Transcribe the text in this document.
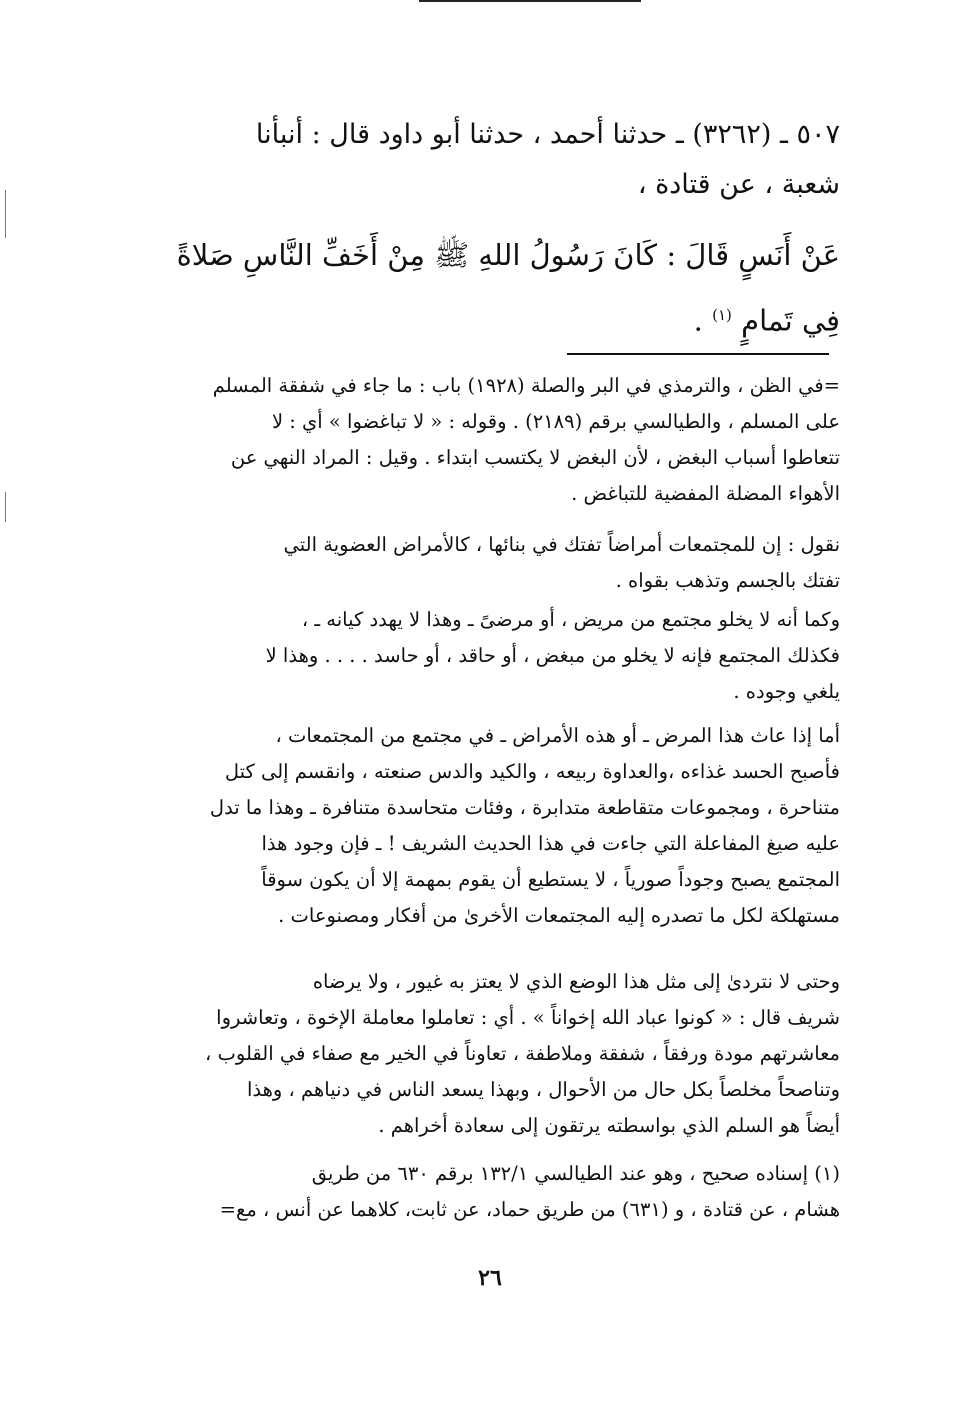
٥٠٧ ـ (٣٢٦٢) ـ حدثنا أحمد ، حدثنا أبو داود قال : أنبأنا
شعبة ، عن قتادة ،
عَنْ أَنَسٍ قَالَ : كَانَ رَسُولُ اللهِ ﷺ مِنْ أَخَفِّ النَّاسِ صَلاةً
فِي تَمامٍ $^{(١)}$ .
=في الظن ، والترمذي في البر والصلة (١٩٢٨) باب : ما جاء في شفقة المسلم
على المسلم ، والطيالسي برقم (٢١٨٩) . وقوله : « لا تباغضوا » أي : لا
تتعاطوا أسباب البغض ، لأن البغض لا يكتسب ابتداء . وقيل : المراد النهي عن
الأهواء المضلة المفضية للتباغض .
نقول : إن للمجتمعات أمراضاً تفتك في بنائها ، كالأمراض العضوية التي
تفتك بالجسم وتذهب بقواه .
وكما أنه لا يخلو مجتمع من مريض ، أو مرضىً ـ وهذا لا يهدد كيانه ـ ،
فكذلك المجتمع فإنه لا يخلو من مبغض ، أو حاقد ، أو حاسد . . . . وهذا لا
يلغي وجوده .
أما إذا عاث هذا المرض ـ أو هذه الأمراض ـ في مجتمع من المجتمعات ،
فأصبح الحسد غذاءه ،والعداوة ربيعه ، والكيد والدس صنعته ، وانقسم إلى كتل
متناحرة ، ومجموعات متقاطعة متدابرة ، وفئات متحاسدة متنافرة ـ وهذا ما تدل
عليه صيغ المفاعلة التي جاءت في هذا الحديث الشريف ! ـ فإن وجود هذا
المجتمع يصبح وجوداً صورياً ، لا يستطيع أن يقوم بمهمة إلا أن يكون سوقاً
مستهلكة لكل ما تصدره إليه المجتمعات الأخرىٰ من أفكار ومصنوعات .
وحتى لا نتردىٰ إلى مثل هذا الوضع الذي لا يعتز به غيور ، ولا يرضاه
شريف قال : « كونوا عباد الله إخواناً » . أي : تعاملوا معاملة الإخوة ، وتعاشروا
معاشرتهم مودة ورفقاً ، شفقة وملاطفة ، تعاوناً في الخير مع صفاء في القلوب ،
وتناصحاً مخلصاً بكل حال من الأحوال ، وبهذا يسعد الناس في دنياهم ، وهذا
أيضاً هو السلم الذي بواسطته يرتقون إلى سعادة أخراهم .
(١) إسناده صحيح ، وهو عند الطيالسي ١٣٢/١ برقم ٦٣٠ من طريق
هشام ، عن قتادة ، و (٦٣١) من طريق حماد، عن ثابت، كلاهما عن أنس ، مع=
٢٦
